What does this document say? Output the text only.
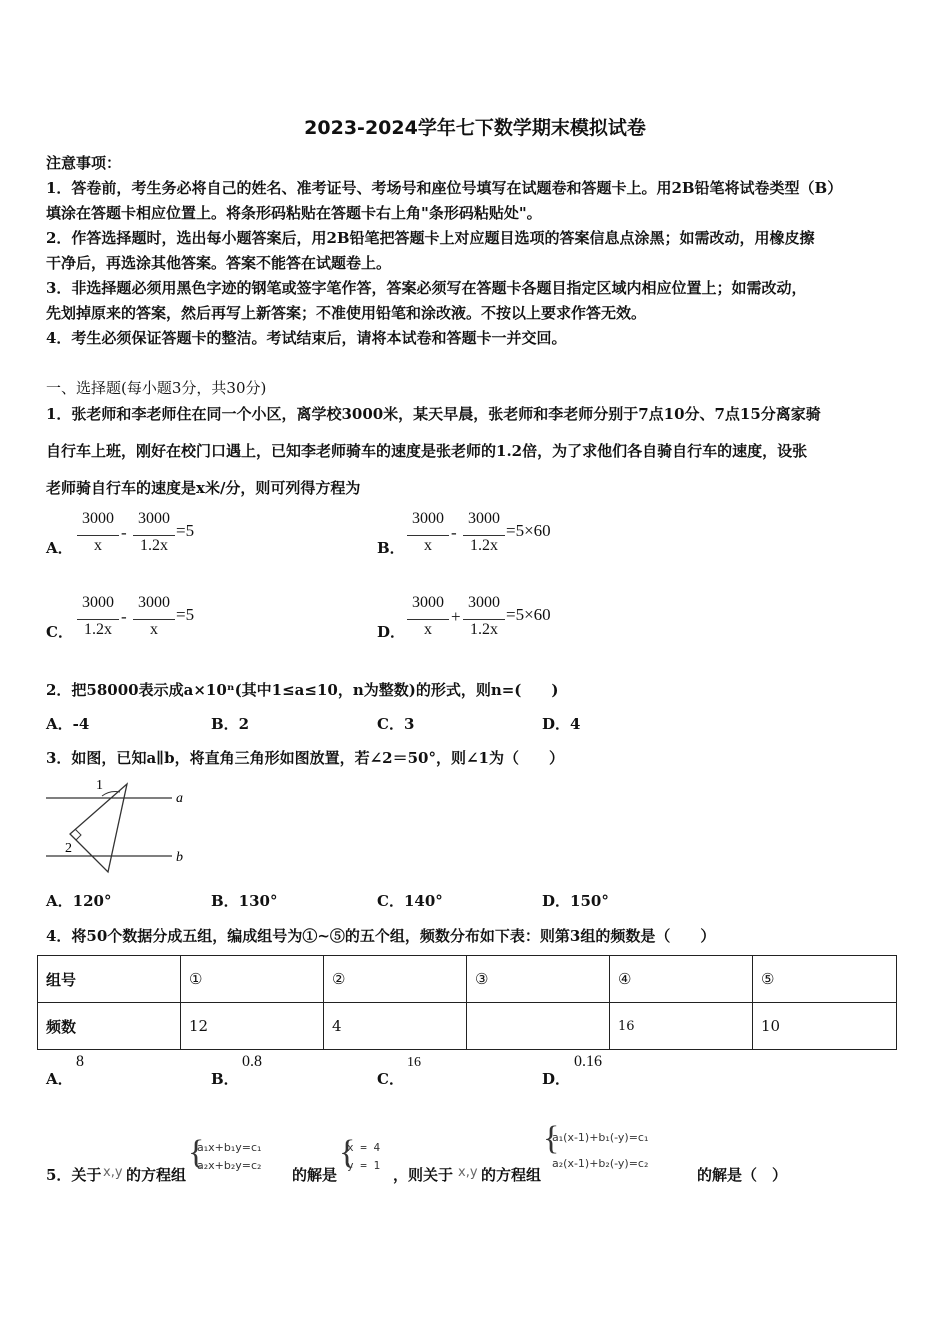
2023-2024学年七下数学期末模拟试卷
注意事项：
1．答卷前，考生务必将自己的姓名、准考证号、考场号和座位号填写在试题卷和答题卡上。用2B铅笔将试卷类型（B）
填涂在答题卡相应位置上。将条形码粘贴在答题卡右上角"条形码粘贴处"。
2．作答选择题时，选出每小题答案后，用2B铅笔把答题卡上对应题目选项的答案信息点涂黑；如需改动，用橡皮擦
干净后，再选涂其他答案。答案不能答在试题卷上。
3．非选择题必须用黑色字迹的钢笔或签字笔作答，答案必须写在答题卡各题目指定区域内相应位置上；如需改动，
先划掉原来的答案，然后再写上新答案；不准使用铅笔和涂改液。不按以上要求作答无效。
4．考生必须保证答题卡的整洁。考试结束后，请将本试卷和答题卡一并交回。
一、选择题(每小题3分，共30分)
1．张老师和李老师住在同一个小区，离学校3000米，某天早晨，张老师和李老师分别于7点10分、7点15分离家骑
自行车上班，刚好在校门口遇上，已知李老师骑车的速度是张老师的1.2倍，为了求他们各自骑自行车的速度，设张
老师骑自行车的速度是x米/分，则可列得方程为
A．
3000
x
-
3000
1.2x
=5
B．
3000
x
-
3000
1.2x
=5×60
C．
3000
1.2x
-
3000
x
=5
D．
3000
x
+
3000
1.2x
=5×60
2．把58000表示成a×10ⁿ(其中1≤a≤10，n为整数)的形式，则n=(　　)
A．-4	B．2	C．3	D．4
3．如图，已知a∥b，将直角三角形如图放置，若∠2＝50°，则∠1为（　　）
1
2
a
b
A．120°	B．130°	C．140°	D．150°
4．将50个数据分成五组，编成组号为①~⑤的五个组，频数分布如下表：则第3组的频数是（　　）
组号	①	②	③	④	⑤
频数	12	4		16	10
A．
8
B．
0.8
C．
16
D．
0.16
5．关于 x,y 的方程组
{
a₁x+b₁y=c₁
a₂x+b₂y=c₂
的解是
{
x = 4
y = 1
，则关于 x,y 的方程组
{
a₁(x-1)+b₁(-y)=c₁
a₂(x-1)+b₂(-y)=c₂
的解是（　）
